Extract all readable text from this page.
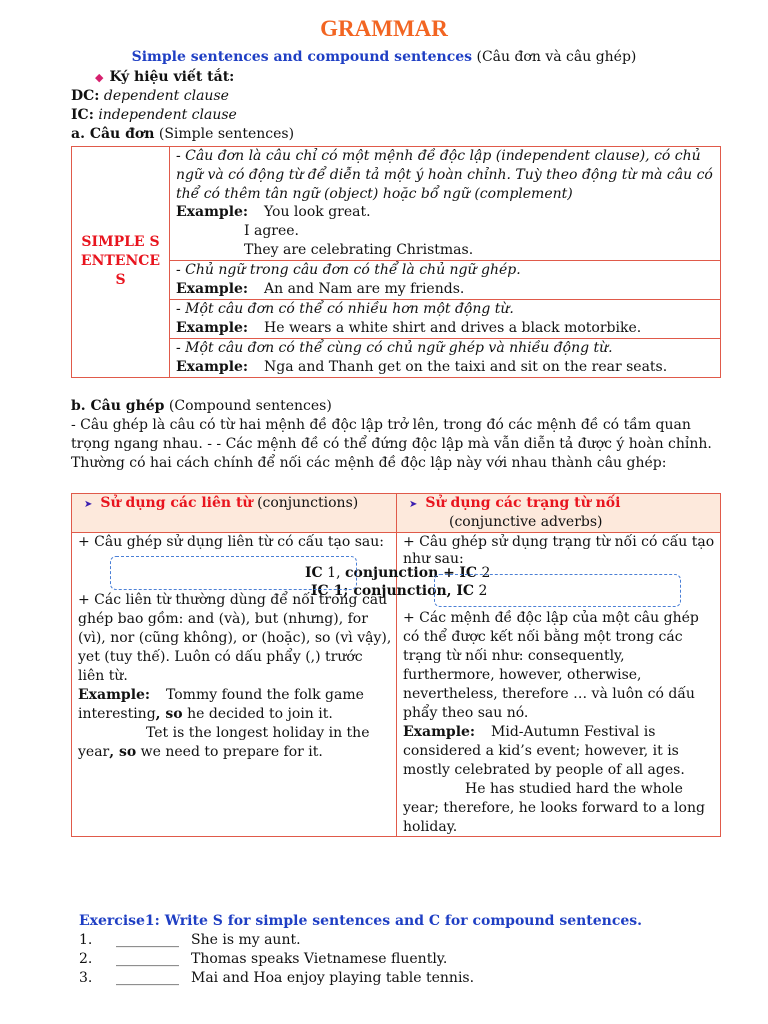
GRAMMAR
Simple sentences and compound sentences (Câu đơn và câu ghép)
◆ Ký hiệu viết tắt:
DC: dependent clause
IC: independent clause
a. Câu đơn (Simple sentences)
SIMPLE SENTENCES
- Câu đơn là câu chỉ có một mệnh đề độc lập (independent clause), có chủ ngữ và có động từ để diễn tả một ý hoàn chỉnh. Tuỳ theo động từ mà câu có thể có thêm tân ngữ (object) hoặc bổ ngữ (complement)
Example: You look great.
I agree.
They are celebrating Christmas.
- Chủ ngữ trong câu đơn có thể là chủ ngữ ghép.
Example: An and Nam are my friends.
- Một câu đơn có thể có nhiều hơn một động từ.
Example: He wears a white shirt and drives a black motorbike.
- Một câu đơn có thể cùng có chủ ngữ ghép và nhiều động từ.
Example: Nga and Thanh get on the taixi and sit on the rear seats.
b. Câu ghép (Compound sentences)
- Câu ghép là câu có từ hai mệnh đề độc lập trở lên, trong đó các mệnh đề có tầm quan
trọng ngang nhau. - - Các mệnh đề có thể đứng độc lập mà vẫn diễn tả được ý hoàn chỉnh.
Thường có hai cách chính để nối các mệnh đề độc lập này với nhau thành câu ghép:
➤ Sử dụng các liên từ (conjunctions)	➤ Sử dụng các trạng từ nối
(conjunctive adverbs)
+ Câu ghép sử dụng liên từ có cấu tạo sau:
IC 1, conjunction + IC 2
+ Các liên từ thường dùng để nối trong câu
ghép bao gồm: and (và), but (nhưng), for
(vì), nor (cũng không), or (hoặc), so (vì vậy),
yet (tuy thế). Luôn có dấu phẩy (,) trước
liên từ.
Example: Tommy found the folk game
interesting, so he decided to join it.
Tet is the longest holiday in the
year, so we need to prepare for it.
+ Câu ghép sử dụng trạng từ nối có cấu tạo
như sau:
IC 1; conjunction, IC 2
+ Các mệnh đề độc lập của một câu ghép
có thể được kết nối bằng một trong các
trạng từ nối như: consequently,
furthermore, however, otherwise,
nevertheless, therefore … và luôn có dấu
phẩy theo sau nó.
Example: Mid-Autumn Festival is
considered a kid’s event; however, it is
mostly celebrated by people of all ages.
He has studied hard the whole
year; therefore, he looks forward to a long
holiday.
Exercise1: Write S for simple sentences and C for compound sentences.
1. _________ She is my aunt.
2. _________ Thomas speaks Vietnamese fluently.
3. _________ Mai and Hoa enjoy playing table tennis.
